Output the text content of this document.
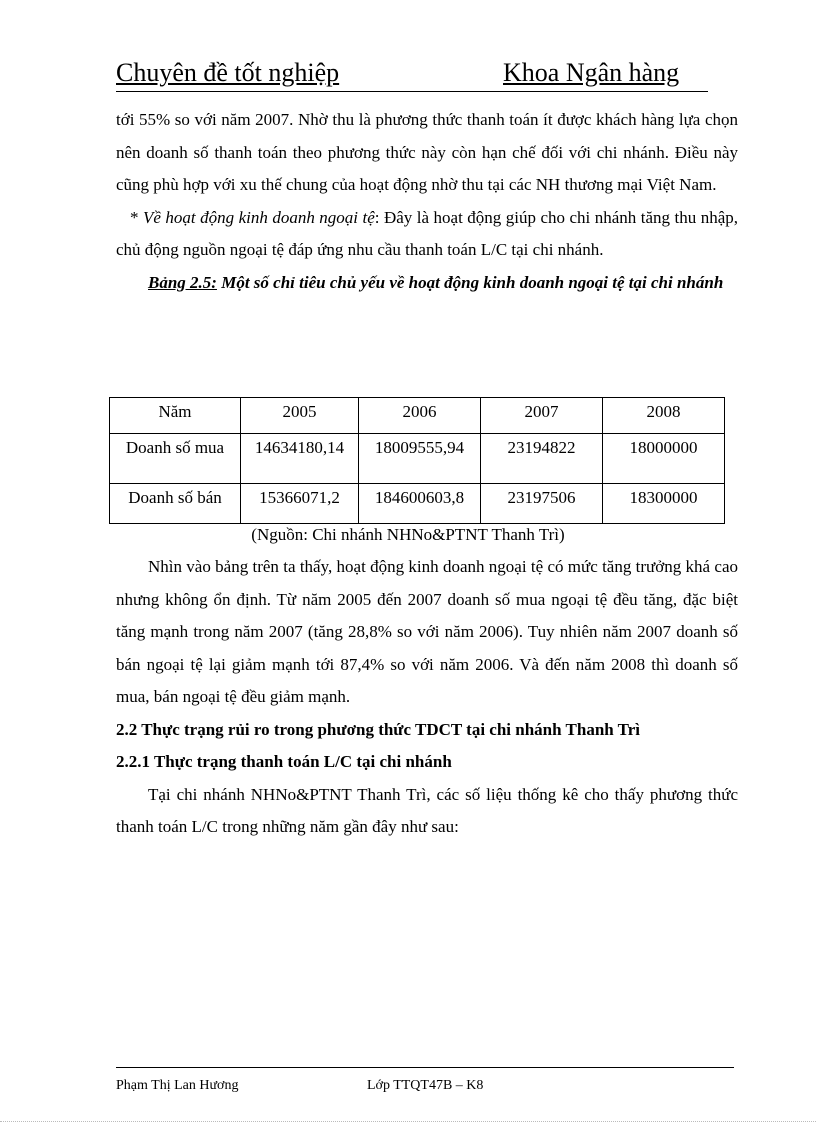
Chuyên đề tốt nghiệp	Khoa Ngân hàng

tới 55% so với năm 2007. Nhờ thu là phương thức thanh toán ít được khách hàng lựa chọn nên doanh số thanh toán theo phương thức này còn hạn chế đối với chi nhánh. Điều này cũng phù hợp với xu thế chung của hoạt động nhờ thu tại các NH thương mại Việt Nam.

* Về hoạt động kinh doanh ngoại tệ: Đây là hoạt động giúp cho chi nhánh tăng thu nhập, chủ động nguồn ngoại tệ đáp ứng nhu cầu thanh toán L/C tại chi nhánh.

Bảng 2.5: Một số chỉ tiêu chủ yếu về hoạt động kinh doanh ngoại tệ tại chi nhánh

Năm	2005	2006	2007	2008
Doanh số mua	14634180,14	18009555,94	23194822	18000000
Doanh số bán	15366071,2	184600603,8	23197506	18300000
(Nguồn: Chi nhánh NHNo&PTNT Thanh Trì)

Nhìn vào bảng trên ta thấy, hoạt động kinh doanh ngoại tệ có mức tăng trưởng khá cao nhưng không ổn định. Từ năm 2005 đến 2007 doanh số mua ngoại tệ đều tăng, đặc biệt tăng mạnh trong năm 2007 (tăng 28,8% so với năm 2006). Tuy nhiên năm 2007 doanh số bán ngoại tệ lại giảm mạnh tới 87,4% so với năm 2006. Và đến năm 2008 thì doanh số mua, bán ngoại tệ đều giảm mạnh.

2.2 Thực trạng rủi ro trong phương thức TDCT tại chi nhánh Thanh Trì

2.2.1 Thực trạng thanh toán L/C tại chi nhánh

Tại chi nhánh NHNo&PTNT Thanh Trì, các số liệu thống kê cho thấy phương thức thanh toán L/C trong những năm gần đây như sau:

Phạm Thị Lan Hương	Lớp TTQT47B – K8
